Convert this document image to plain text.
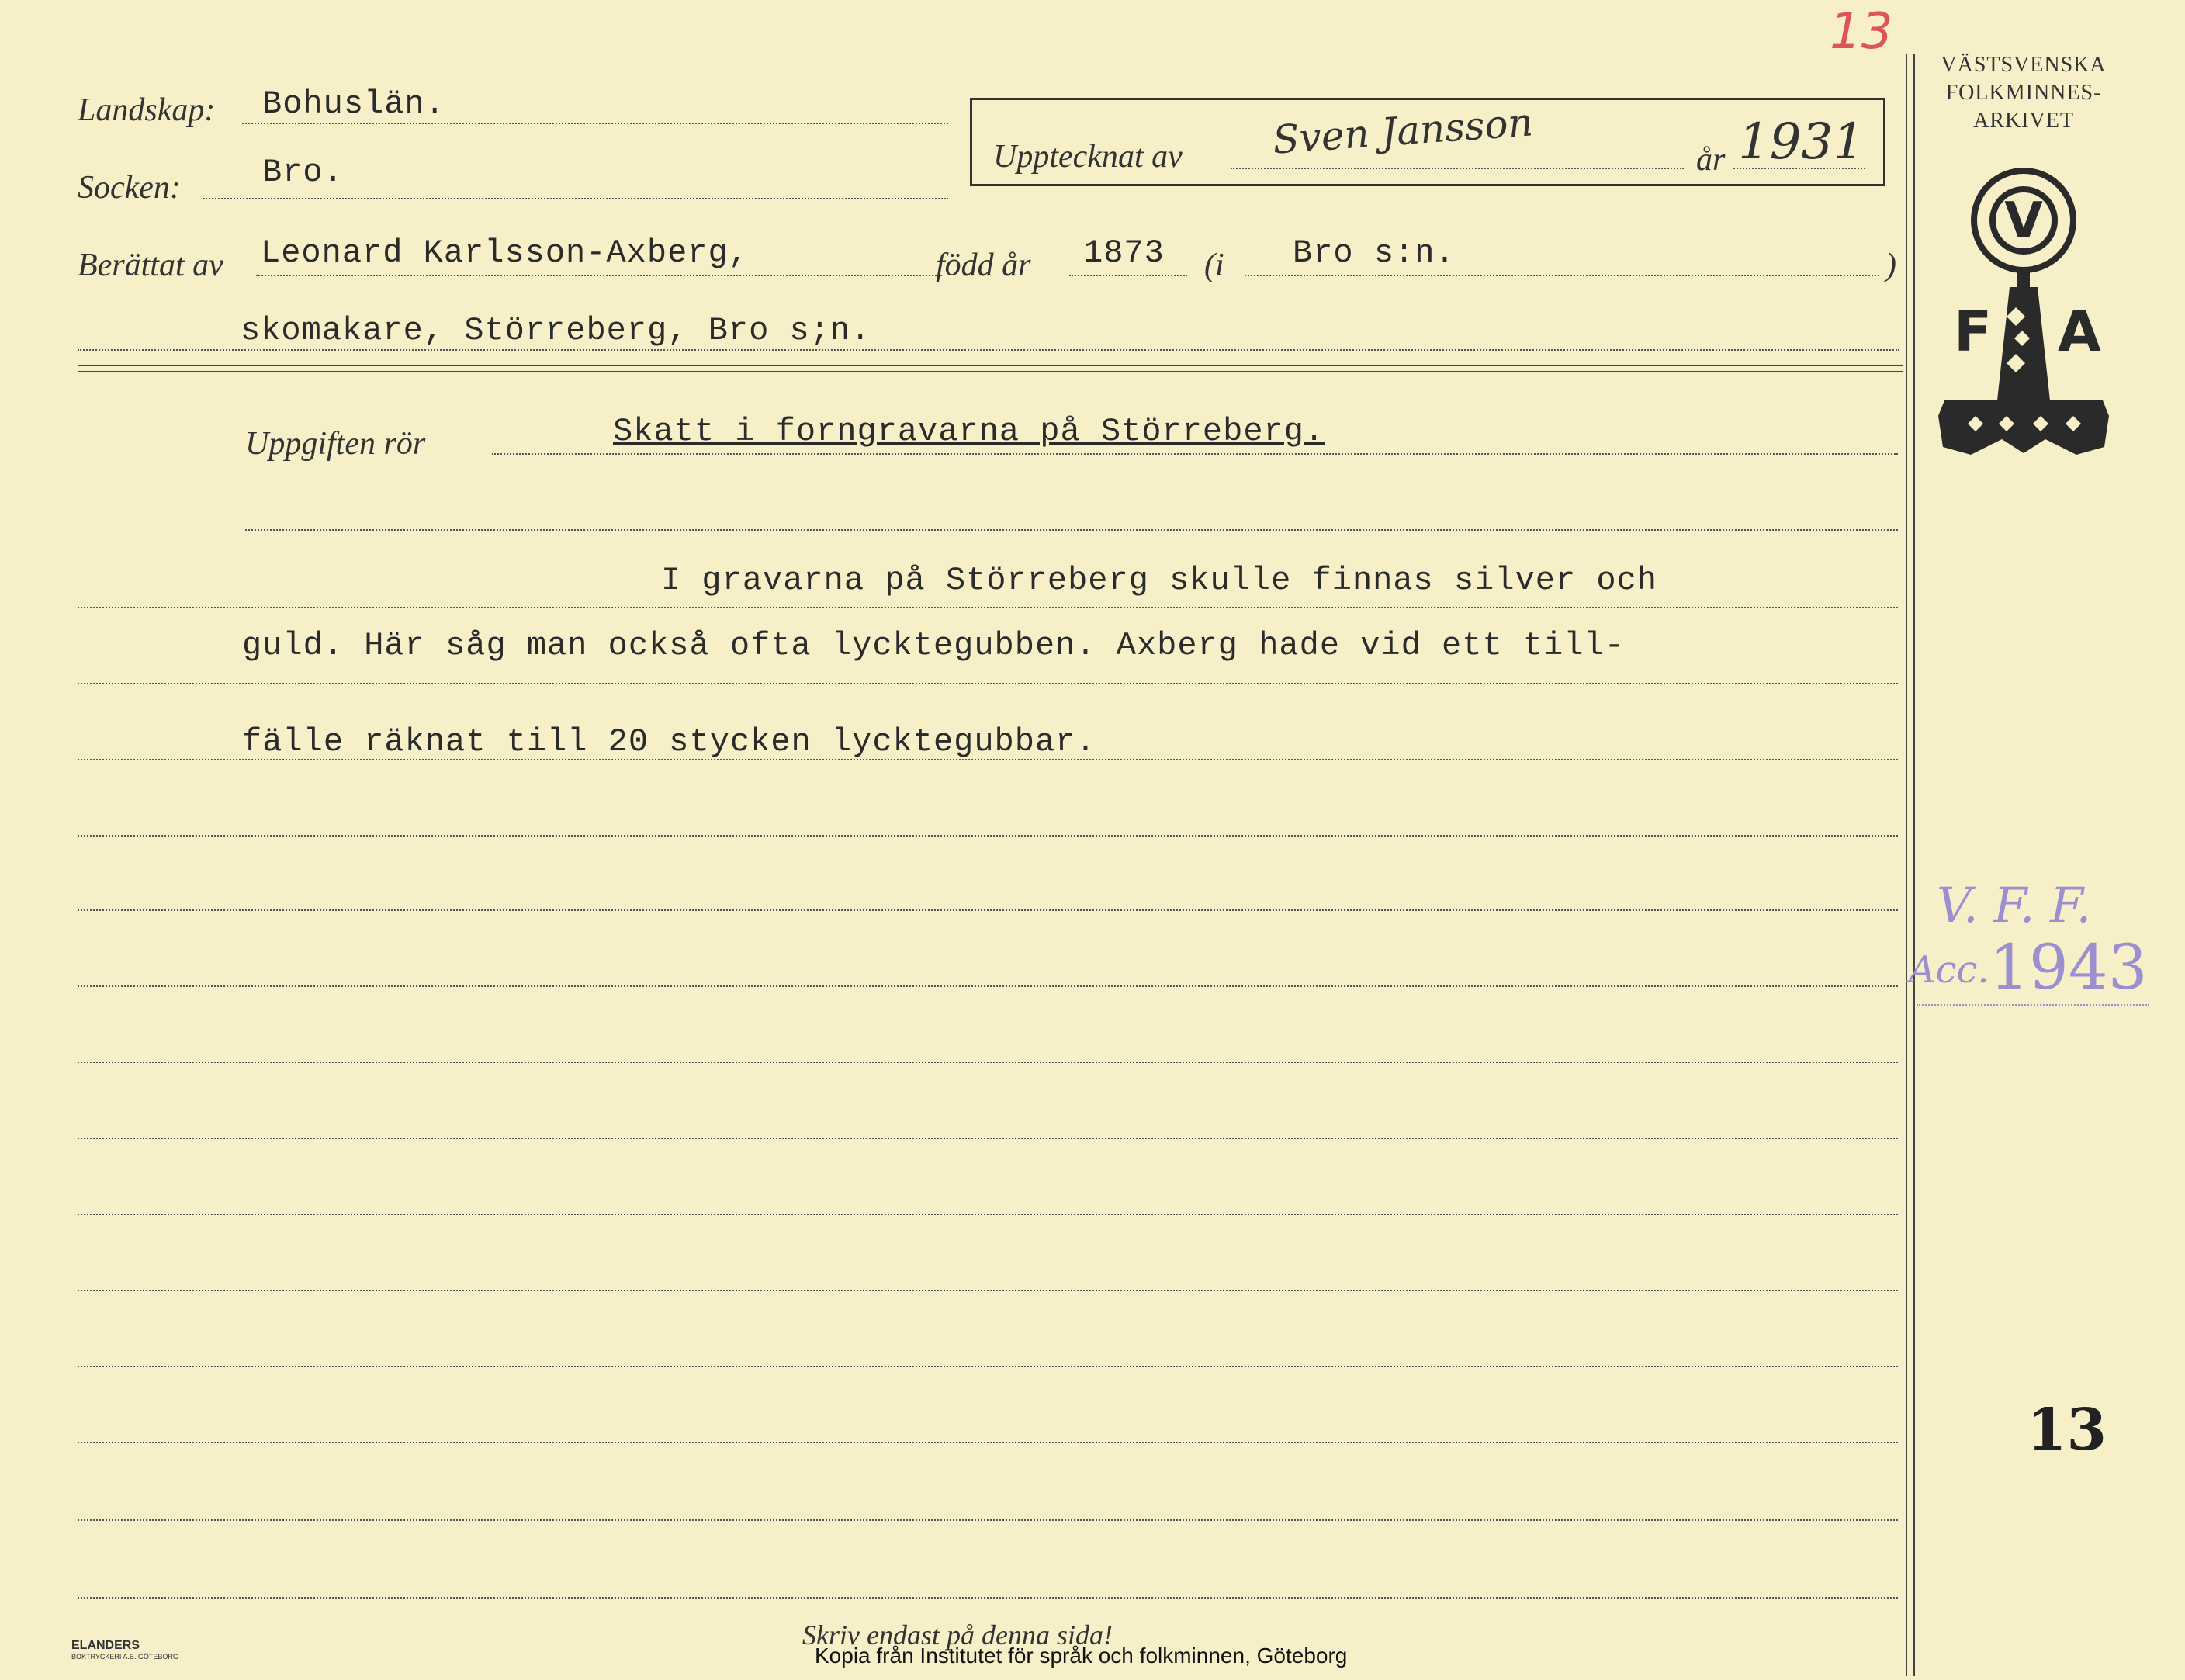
13
Landskap: Bohuslän.
Socken:	Bro.	Upptecknat av Sven Jansson	år 1931
Berättat av Leonard Karlsson-Axberg,	född år 1873 (i Bro s:n.	)
skomakare, Störreberg, Bro s;n.
VÄSTSVENSKA
FOLKMINNES-
ARKIVET
V
F A
Uppgiften rör	Skatt i forngravarna på Störreberg.
I gravarna på Störreberg skulle finnas silver och
guld. Här såg man också ofta lycktegubben. Axberg hade vid ett till-
fälle räknat till 20 stycken lycktegubbar.
V. F. F.
Acc. 1943
13
Skriv endast på denna sida!
Kopia från Institutet för språk och folkminnen, Göteborg
ELANDERS
BOKTRYCKERI A.B. GÖTEBORG
